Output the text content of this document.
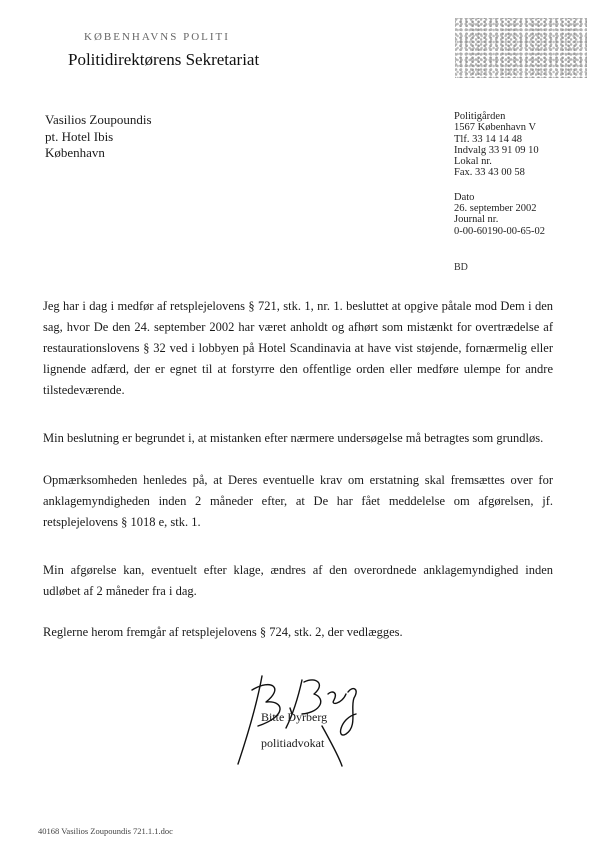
KØBENHAVNS POLITI
Politidirektørens Sekretariat
Vasilios Zoupoundis
pt. Hotel Ibis
København
Politigården
1567 København V
Tlf. 33 14 14 48
Indvalg 33 91 09 10
Lokal nr.
Fax. 33 43 00 58
Dato
26. september 2002
Journal nr.
0-00-60190-00-65-02
BD
Jeg har i dag i medfør af retsplejelovens § 721, stk. 1, nr. 1. besluttet at opgive påtale mod Dem i den sag, hvor De den 24. september 2002 har været anholdt og afhørt som mistænkt for overtrædelse af restaurationslovens § 32 ved i lobbyen på Hotel Scandinavia at have vist støjende, fornærmelig eller lignende adfærd, der er egnet til at forstyrre den offentlige orden eller medføre ulempe for andre tilstedeværende.
Min beslutning er begrundet i, at mistanken efter nærmere undersøgelse må betragtes som grundløs.
Opmærksomheden henledes på, at Deres eventuelle krav om erstatning skal fremsættes over for anklagemyndigheden inden 2 måneder efter, at De har fået meddelelse om afgørelsen, jf. retsplejelovens § 1018 e, stk. 1.
Min afgørelse kan, eventuelt efter klage, ændres af den overordnede anklagemyndighed inden udløbet af 2 måneder fra i dag.
Reglerne herom fremgår af retsplejelovens § 724, stk. 2, der vedlægges.
Bitte Dyrberg
politiadvokat
40168 Vasilios Zoupoundis 721.1.1.doc
